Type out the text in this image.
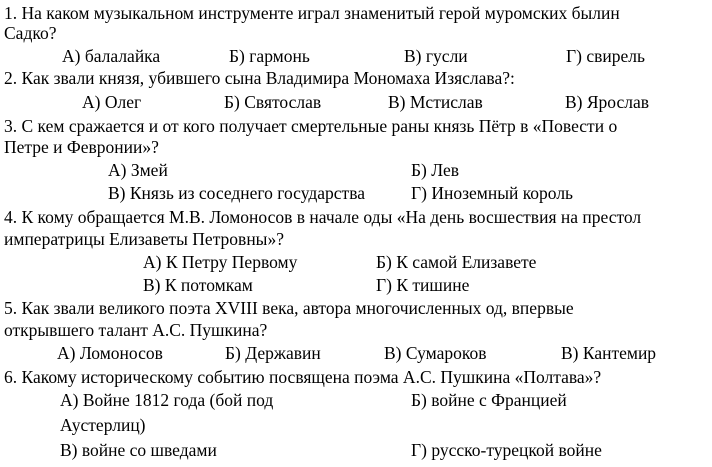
1. На каком музыкальном инструменте играл знаменитый герой муромских былин
Садко?
А) балалайка	Б) гармонь	В) гусли	Г) свирель
2. Как звали князя, убившего сына Владимира Мономаха Изяслава?:
А) Олег	Б) Святослав	В) Мстислав	В) Ярослав
3. С кем сражается и от кого получает смертельные раны князь Пётр в «Повести о
Петре и Февронии»?
А) Змей	Б) Лев
В) Князь из соседнего государства	Г) Иноземный король
4. К кому обращается М.В. Ломоносов в начале оды «На день восшествия на престол
императрицы Елизаветы Петровны»?
А) К Петру Первому	Б) К самой Елизавете
В) К потомкам	Г) К тишине
5. Как звали великого поэта XVIII века, автора многочисленных од, впервые
открывшего талант А.С. Пушкина?
А) Ломоносов	Б) Державин	В) Сумароков	В) Кантемир
6. Какому историческому событию посвящена поэма А.С. Пушкина «Полтава»?
А) Войне 1812 года (бой под	Б) войне с Францией
Аустерлиц)
В) войне со шведами	Г) русско-турецкой войне
